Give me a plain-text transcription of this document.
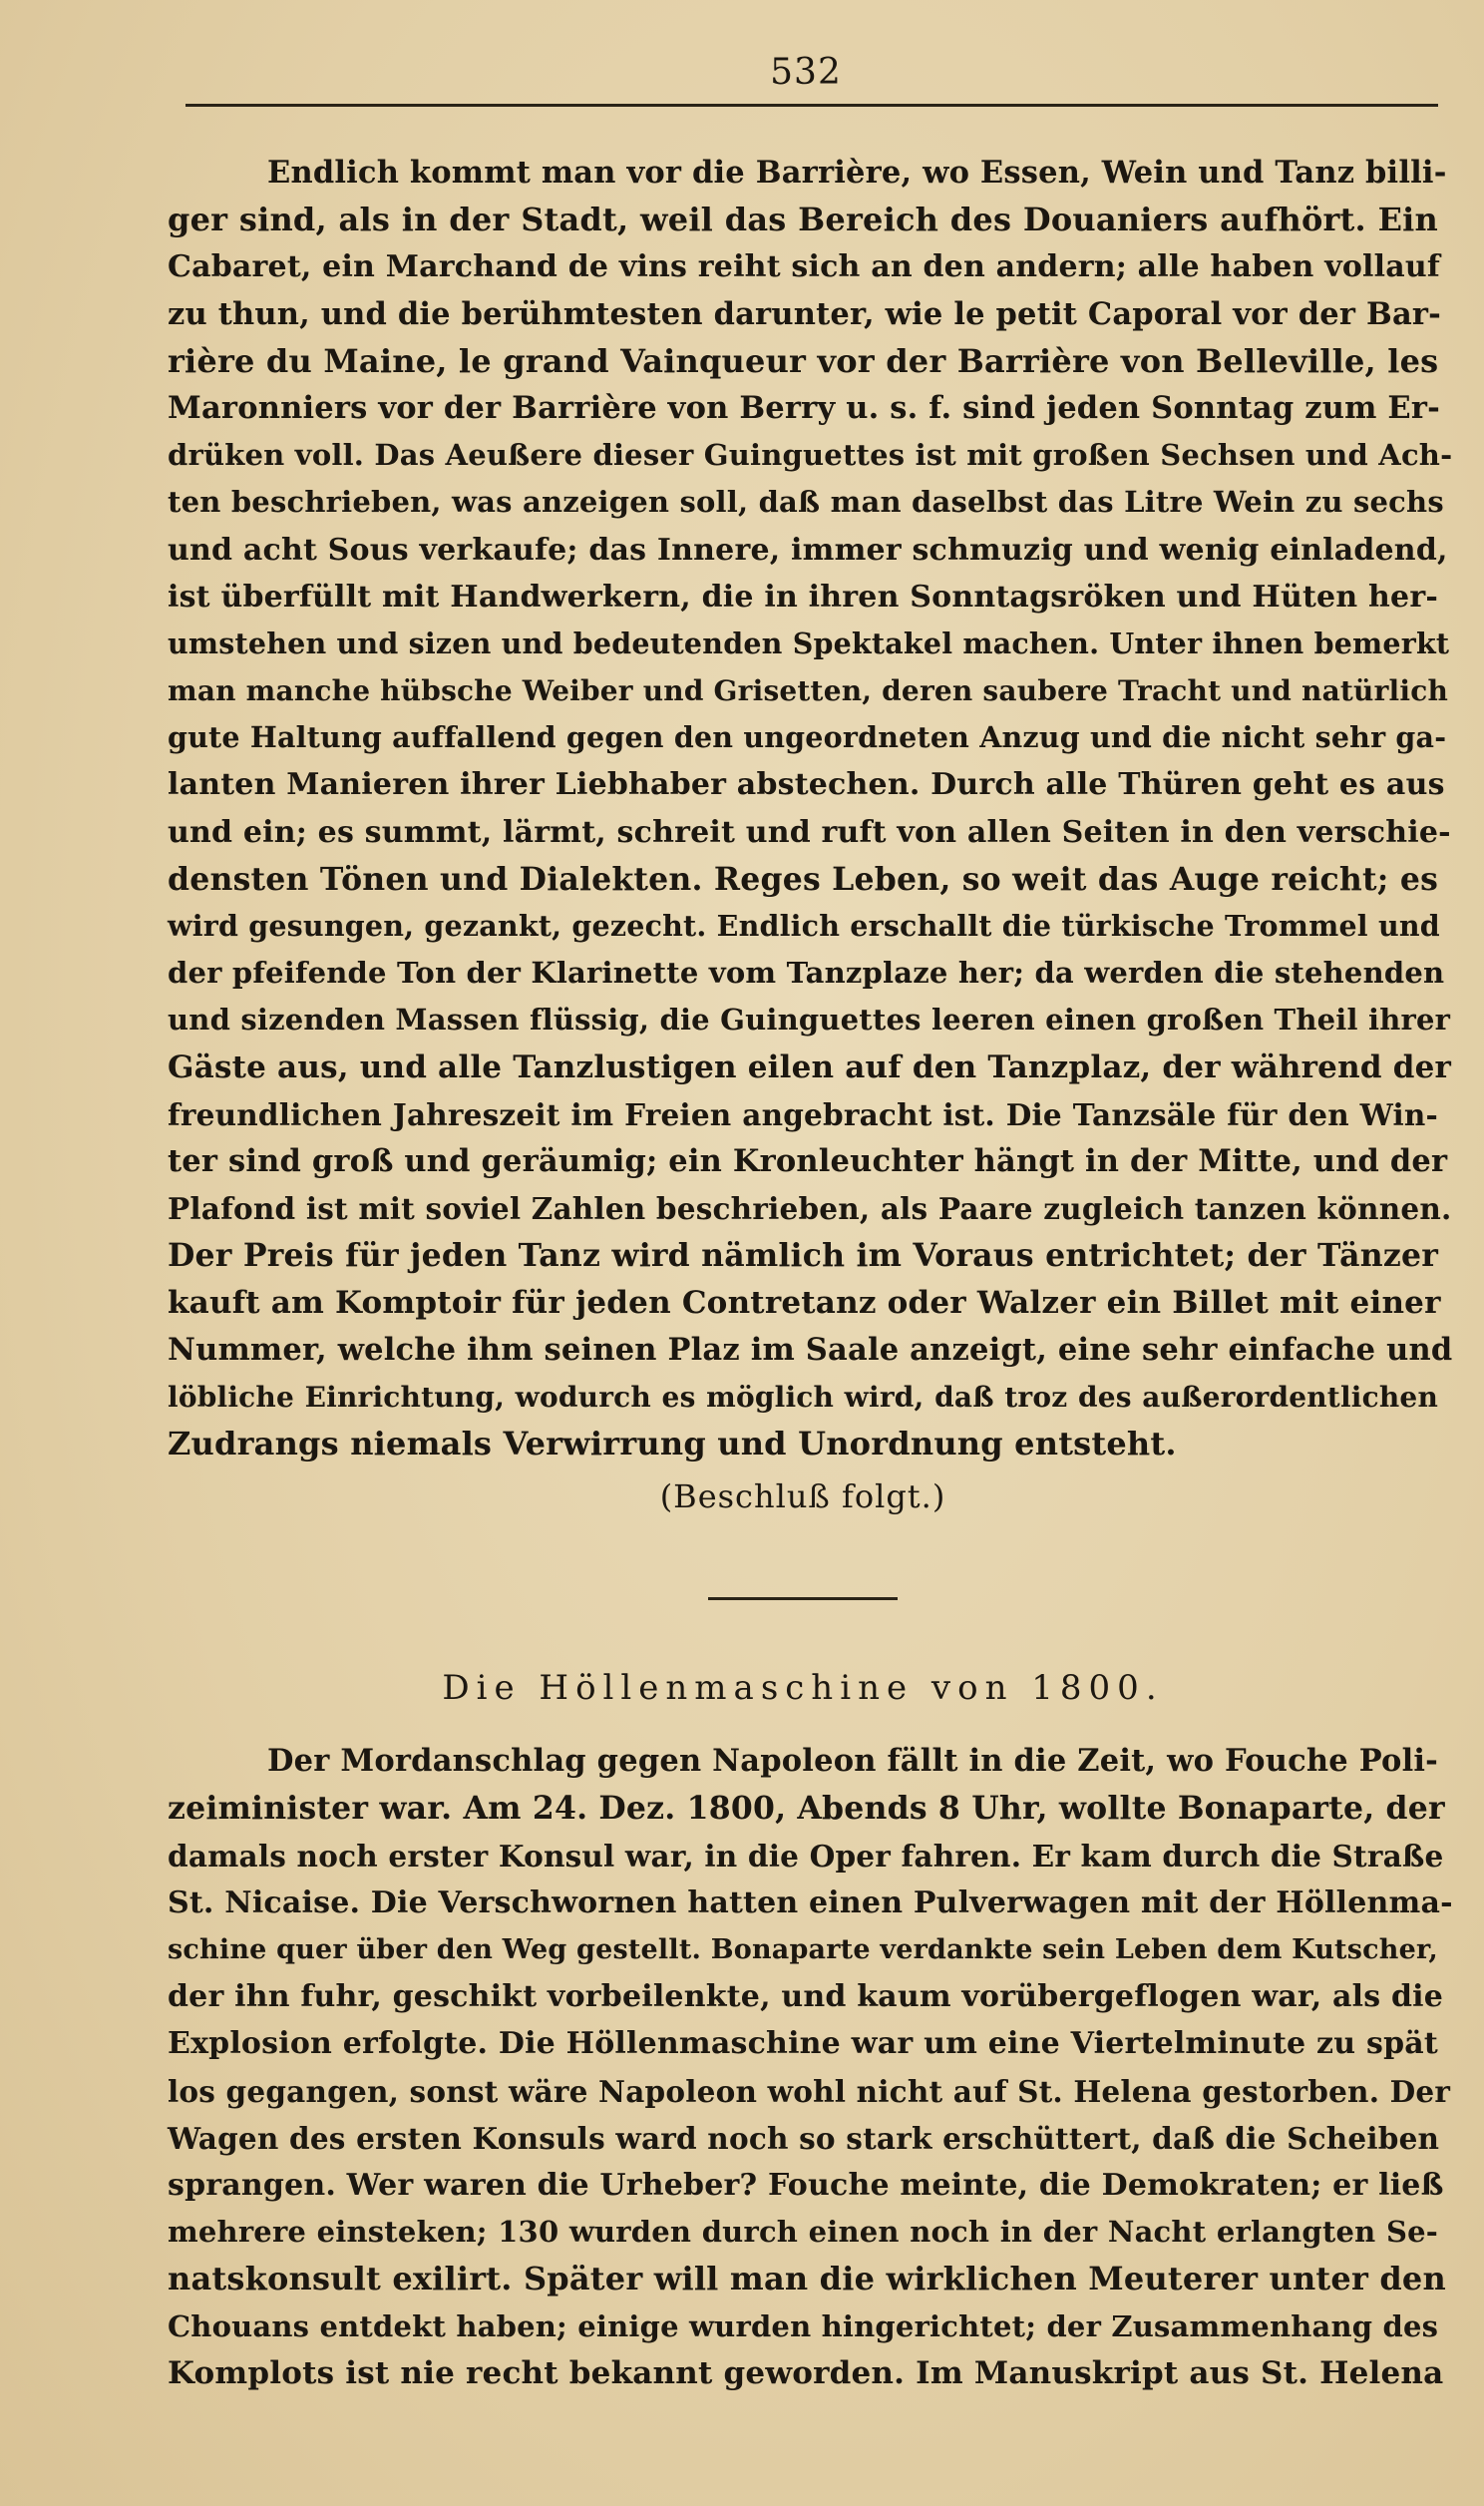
532
Endlich kommt man vor die Barrière, wo Essen, Wein und Tanz billi-
ger sind, als in der Stadt, weil das Bereich des Douaniers aufhört. Ein
Cabaret, ein Marchand de vins reiht sich an den andern; alle haben vollauf
zu thun, und die berühmtesten darunter, wie le petit Caporal vor der Bar-
rière du Maine, le grand Vainqueur vor der Barrière von Belleville, les
Maronniers vor der Barrière von Berry u. s. f. sind jeden Sonntag zum Er-
drüken voll. Das Aeußere dieser Guinguettes ist mit großen Sechsen und Ach-
ten beschrieben, was anzeigen soll, daß man daselbst das Litre Wein zu sechs
und acht Sous verkaufe; das Innere, immer schmuzig und wenig einladend,
ist überfüllt mit Handwerkern, die in ihren Sonntagsröken und Hüten her-
umstehen und sizen und bedeutenden Spektakel machen. Unter ihnen bemerkt
man manche hübsche Weiber und Grisetten, deren saubere Tracht und natürlich
gute Haltung auffallend gegen den ungeordneten Anzug und die nicht sehr ga-
lanten Manieren ihrer Liebhaber abstechen. Durch alle Thüren geht es aus
und ein; es summt, lärmt, schreit und ruft von allen Seiten in den verschie-
densten Tönen und Dialekten. Reges Leben, so weit das Auge reicht; es
wird gesungen, gezankt, gezecht. Endlich erschallt die türkische Trommel und
der pfeifende Ton der Klarinette vom Tanzplaze her; da werden die stehenden
und sizenden Massen flüssig, die Guinguettes leeren einen großen Theil ihrer
Gäste aus, und alle Tanzlustigen eilen auf den Tanzplaz, der während der
freundlichen Jahreszeit im Freien angebracht ist. Die Tanzsäle für den Win-
ter sind groß und geräumig; ein Kronleuchter hängt in der Mitte, und der
Plafond ist mit soviel Zahlen beschrieben, als Paare zugleich tanzen können.
Der Preis für jeden Tanz wird nämlich im Voraus entrichtet; der Tänzer
kauft am Komptoir für jeden Contretanz oder Walzer ein Billet mit einer
Nummer, welche ihm seinen Plaz im Saale anzeigt, eine sehr einfache und
löbliche Einrichtung, wodurch es möglich wird, daß troz des außerordentlichen
Zudrangs niemals Verwirrung und Unordnung entsteht.
(Beschluß folgt.)
Die Höllenmaschine von 1800.
Der Mordanschlag gegen Napoleon fällt in die Zeit, wo Fouche Poli-
zeiminister war. Am 24. Dez. 1800, Abends 8 Uhr, wollte Bonaparte, der
damals noch erster Konsul war, in die Oper fahren. Er kam durch die Straße
St. Nicaise. Die Verschwornen hatten einen Pulverwagen mit der Höllenma-
schine quer über den Weg gestellt. Bonaparte verdankte sein Leben dem Kutscher,
der ihn fuhr, geschikt vorbeilenkte, und kaum vorübergeflogen war, als die
Explosion erfolgte. Die Höllenmaschine war um eine Viertelminute zu spät
los gegangen, sonst wäre Napoleon wohl nicht auf St. Helena gestorben. Der
Wagen des ersten Konsuls ward noch so stark erschüttert, daß die Scheiben
sprangen. Wer waren die Urheber? Fouche meinte, die Demokraten; er ließ
mehrere einsteken; 130 wurden durch einen noch in der Nacht erlangten Se-
natskonsult exilirt. Später will man die wirklichen Meuterer unter den
Chouans entdekt haben; einige wurden hingerichtet; der Zusammenhang des
Komplots ist nie recht bekannt geworden. Im Manuskript aus St. Helena
